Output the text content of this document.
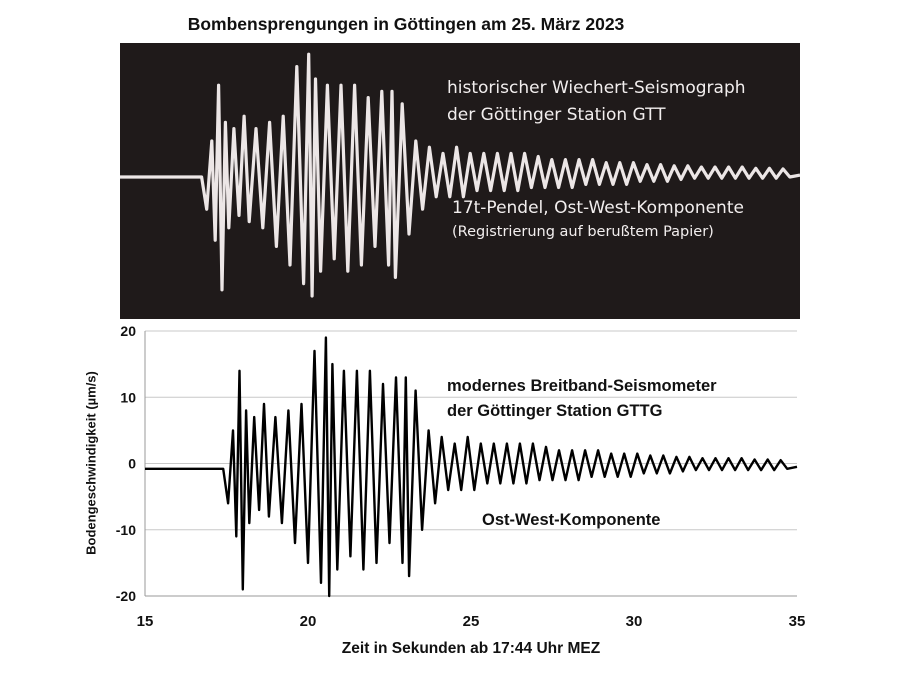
Bombensprengungen in Göttingen am 25. März 2023
historischer Wiechert-Seismograph
der Göttinger Station GTT
17t-Pendel, Ost-West-Komponente
(Registrierung auf berußtem Papier)
-20
-10
0
10
20
15	20	25	30	35
modernes Breitband-Seismometer
der Göttinger Station GTTG
Ost-West-Komponente
Zeit in Sekunden ab 17:44 Uhr MEZ
Bodengeschwindigkeit (µm/s)
